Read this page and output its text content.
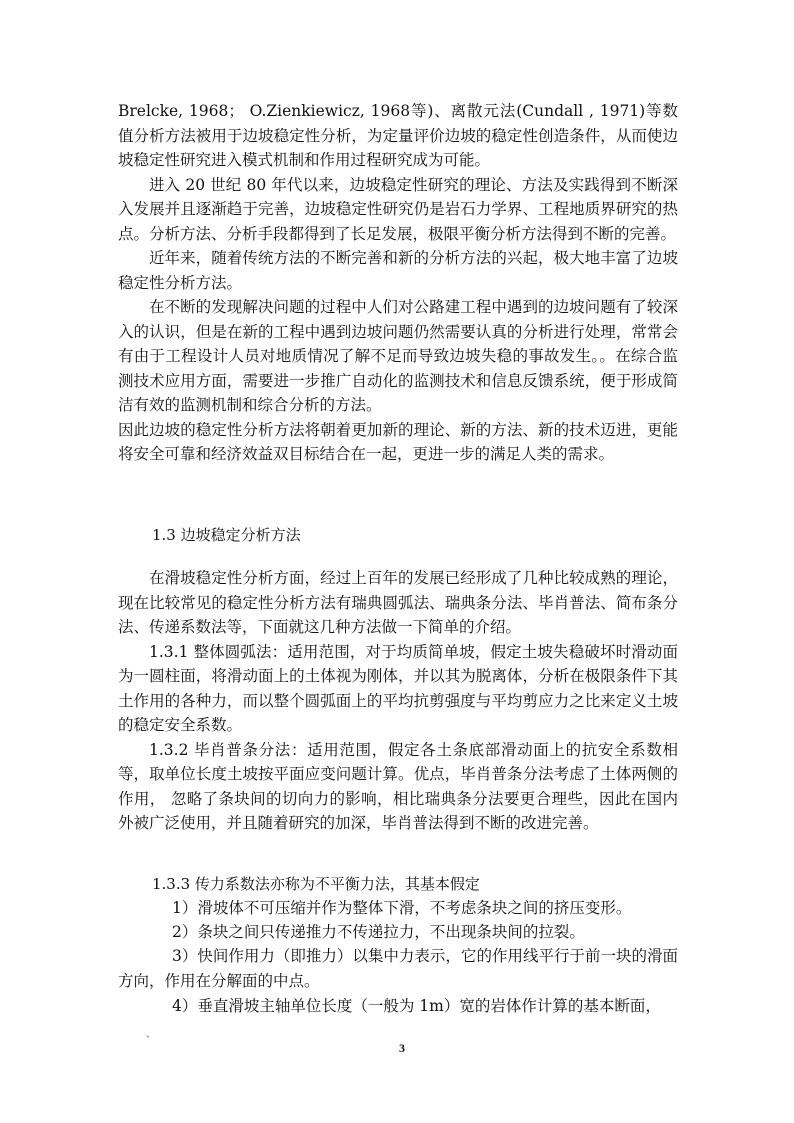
Brelcke, 1968； O.Zienkiewicz, 1968等)、离散元法(Cundall , 1971)等数值分析方法被用于边坡稳定性分析，为定量评价边坡的稳定性创造条件，从而使边坡稳定性研究进入模式机制和作用过程研究成为可能。

进入 20 世纪 80 年代以来，边坡稳定性研究的理论、方法及实践得到不断深入发展并且逐渐趋于完善，边坡稳定性研究仍是岩石力学界、工程地质界研究的热点。分析方法、分析手段都得到了长足发展，极限平衡分析方法得到不断的完善。

近年来，随着传统方法的不断完善和新的分析方法的兴起，极大地丰富了边坡稳定性分析方法。

在不断的发现解决问题的过程中人们对公路建工程中遇到的边坡问题有了较深入的认识，但是在新的工程中遇到边坡问题仍然需要认真的分析进行处理，常常会有由于工程设计人员对地质情况了解不足而导致边坡失稳的事故发生。。在综合监测技术应用方面，需要进一步推广自动化的监测技术和信息反馈系统，便于形成简洁有效的监测机制和综合分析的方法。

因此边坡的稳定性分析方法将朝着更加新的理论、新的方法、新的技术迈进，更能将安全可靠和经济效益双目标结合在一起，更进一步的满足人类的需求。

1.3 边坡稳定分析方法

在滑坡稳定性分析方面，经过上百年的发展已经形成了几种比较成熟的理论，现在比较常见的稳定性分析方法有瑞典圆弧法、瑞典条分法、毕肖普法、简布条分法、传递系数法等，下面就这几种方法做一下简单的介绍。

1.3.1 整体圆弧法：适用范围，对于均质简单坡，假定土坡失稳破坏时滑动面为一圆柱面，将滑动面上的土体视为刚体，并以其为脱离体，分析在极限条件下其土作用的各种力，而以整个圆弧面上的平均抗剪强度与平均剪应力之比来定义土坡的稳定安全系数。

1.3.2 毕肖普条分法：适用范围，假定各土条底部滑动面上的抗安全系数相等，取单位长度土坡按平面应变问题计算。优点，毕肖普条分法考虑了土体两侧的作用， 忽略了条块间的切向力的影响，相比瑞典条分法要更合理些，因此在国内外被广泛使用，并且随着研究的加深，毕肖普法得到不断的改进完善。

1.3.3 传力系数法亦称为不平衡力法，其基本假定
1）滑坡体不可压缩并作为整体下滑，不考虑条块之间的挤压变形。
2）条块之间只传递推力不传递拉力，不出现条块间的拉裂。
3）快间作用力（即推力）以集中力表示，它的作用线平行于前一块的滑面方向，作用在分解面的中点。
4）垂直滑坡主轴单位长度（一般为 1m）宽的岩体作计算的基本断面，
`
3
